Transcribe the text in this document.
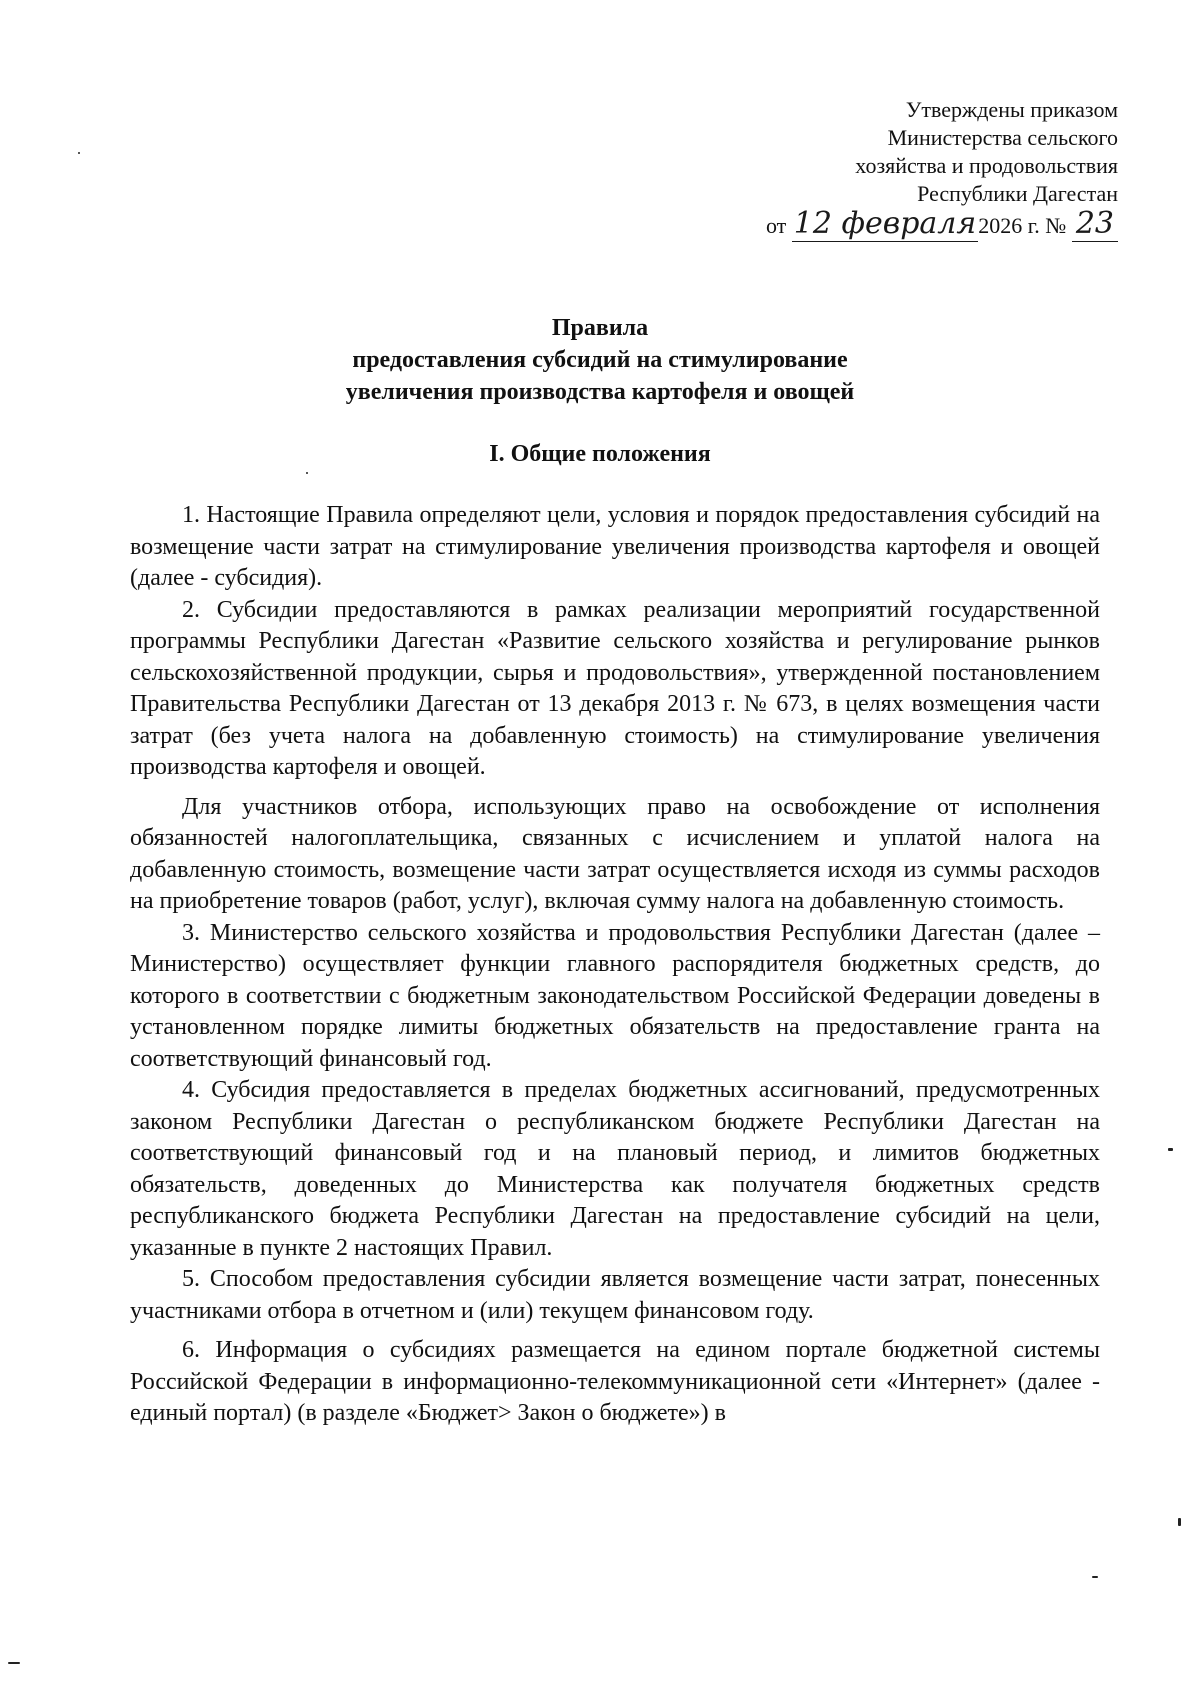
Утверждены приказом
Министерства сельского
хозяйства и продовольствия
Республики Дагестан
от 12 февраля2026 г. № 23
Правила
предоставления субсидий на стимулирование
увеличения производства картофеля и овощей
I. Общие положения

1. Настоящие Правила определяют цели, условия и порядок предоставления субсидий на возмещение части затрат на стимулирование увеличения производства картофеля и овощей (далее - субсидия).

2. Субсидии предоставляются в рамках реализации мероприятий государственной программы Республики Дагестан «Развитие сельского хозяйства и регулирование рынков сельскохозяйственной продукции, сырья и продовольствия», утвержденной постановлением Правительства Республики Дагестан от 13 декабря 2013 г. № 673, в целях возмещения части затрат (без учета налога на добавленную стоимость) на стимулирование увеличения производства картофеля и овощей.

Для участников отбора, использующих право на освобождение от исполнения обязанностей налогоплательщика, связанных с исчислением и уплатой налога на добавленную стоимость, возмещение части затрат осуществляется исходя из суммы расходов на приобретение товаров (работ, услуг), включая сумму налога на добавленную стоимость.

3. Министерство сельского хозяйства и продовольствия Республики Дагестан (далее – Министерство) осуществляет функции главного распорядителя бюджетных средств, до которого в соответствии с бюджетным законодательством Российской Федерации доведены в установленном порядке лимиты бюджетных обязательств на предоставление гранта на соответствующий финансовый год.

4. Субсидия предоставляется в пределах бюджетных ассигнований, предусмотренных законом Республики Дагестан о республиканском бюджете Республики Дагестан на соответствующий финансовый год и на плановый период, и лимитов бюджетных обязательств, доведенных до Министерства как получателя бюджетных средств республиканского бюджета Республики Дагестан на предоставление субсидий на цели, указанные в пункте 2 настоящих Правил.

5. Способом предоставления субсидии является возмещение части затрат, понесенных участниками отбора в отчетном и (или) текущем финансовом году.

6. Информация о субсидиях размещается на едином портале бюджетной системы Российской Федерации в информационно-телекоммуникационной сети «Интернет» (далее - единый портал) (в разделе «Бюджет> Закон о бюджете») в
